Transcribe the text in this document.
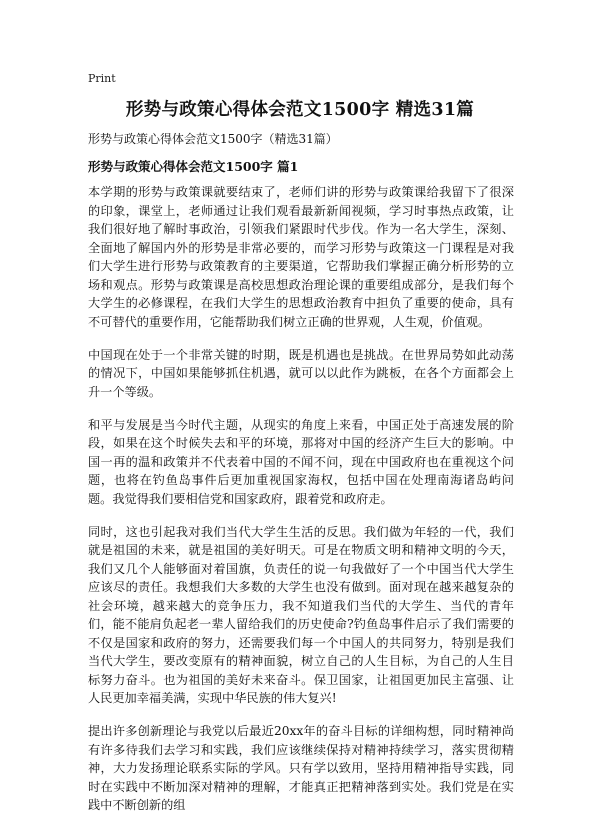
Print
形势与政策心得体会范文1500字 精选31篇
形势与政策心得体会范文1500字（精选31篇）
形势与政策心得体会范文1500字 篇1

本学期的形势与政策课就要结束了，老师们讲的形势与政策课给我留下了很深的印象，课堂上，老师通过让我们观看最新新闻视频，学习时事热点政策，让我们很好地了解时事政治，引领我们紧跟时代步伐。作为一名大学生，深刻、全面地了解国内外的形势是非常必要的，而学习形势与政策这一门课程是对我们大学生进行形势与政策教育的主要渠道，它帮助我们掌握正确分析形势的立场和观点。形势与政策课是高校思想政治理论课的重要组成部分，是我们每个大学生的必修课程，在我们大学生的思想政治教育中担负了重要的使命，具有不可替代的重要作用，它能帮助我们树立正确的世界观，人生观，价值观。

中国现在处于一个非常关键的时期，既是机遇也是挑战。在世界局势如此动荡的情况下，中国如果能够抓住机遇，就可以以此作为跳板，在各个方面都会上升一个等级。

和平与发展是当今时代主题，从现实的角度上来看，中国正处于高速发展的阶段，如果在这个时候失去和平的环境，那将对中国的经济产生巨大的影响。中国一再的温和政策并不代表着中国的不闻不问，现在中国政府也在重视这个问题，也将在钓鱼岛事件后更加重视国家海权，包括中国在处理南海诸岛屿问题。我觉得我们要相信党和国家政府，跟着党和政府走。

同时，这也引起我对我们当代大学生生活的反思。我们做为年轻的一代，我们就是祖国的未来，就是祖国的美好明天。可是在物质文明和精神文明的今天，我们又几个人能够面对着国旗，负责任的说一句我做好了一个中国当代大学生应该尽的责任。我想我们大多数的大学生也没有做到。面对现在越来越复杂的社会环境，越来越大的竞争压力，我不知道我们当代的大学生、当代的青年们，能不能肩负起老一辈人留给我们的历史使命?钓鱼岛事件启示了我们需要的不仅是国家和政府的努力，还需要我们每一个中国人的共同努力，特别是我们当代大学生，要改变原有的精神面貌，树立自己的人生目标，为自己的人生目标努力奋斗。也为祖国的美好未来奋斗。保卫国家，让祖国更加民主富强、让人民更加幸福美满，实现中华民族的伟大复兴!

提出许多创新理论与我党以后最近20xx年的奋斗目标的详细构想，同时精神尚有许多待我们去学习和实践，我们应该继续保持对精神持续学习，落实贯彻精神，大力发扬理论联系实际的学风。只有学以致用，坚持用精神指导实践，同时在实践中不断加深对精神的理解，才能真正把精神落到实处。我们党是在实践中不断创新的组
